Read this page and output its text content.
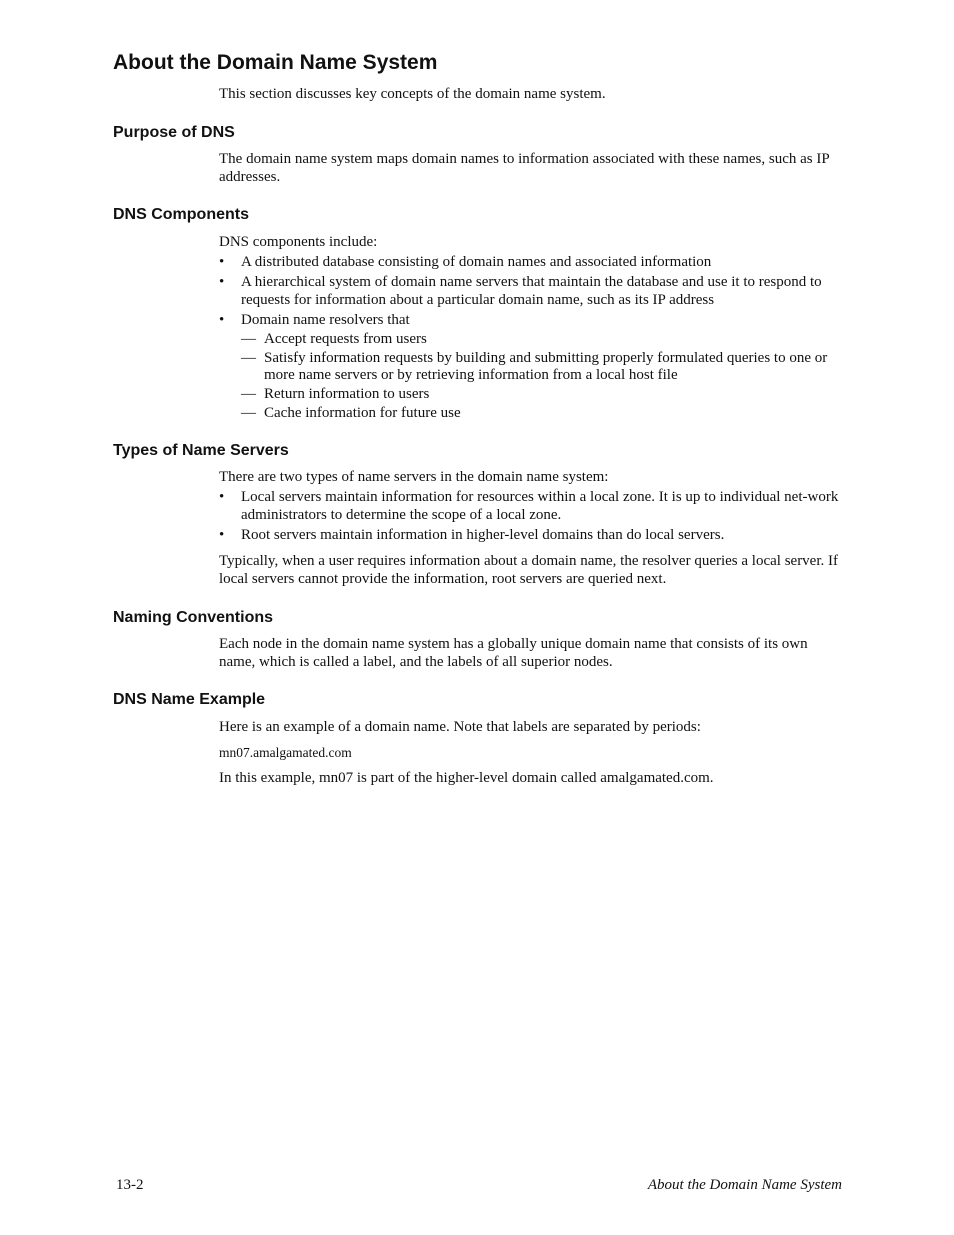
About the Domain Name System

This section discusses key concepts of the domain name system.

Purpose of DNS

The domain name system maps domain names to information associated with these names, such as IP addresses.

DNS Components
DNS components include:
• A distributed database consisting of domain names and associated information
• A hierarchical system of domain name servers that maintain the database and use it to respond to requests for information about a particular domain name, such as its IP address
• Domain name resolvers that
— Accept requests from users
— Satisfy information requests by building and submitting properly formulated queries to one or more name servers or by retrieving information from a local host file
— Return information to users
— Cache information for future use
Types of Name Servers
There are two types of name servers in the domain name system:
• Local servers maintain information for resources within a local zone. It is up to individual net-work administrators to determine the scope of a local zone.
• Root servers maintain information in higher-level domains than do local servers.

Typically, when a user requires information about a domain name, the resolver queries a local server. If local servers cannot provide the information, root servers are queried next.

Naming Conventions

Each node in the domain name system has a globally unique domain name that consists of its own name, which is called a label, and the labels of all superior nodes.

DNS Name Example

Here is an example of a domain name. Note that labels are separated by periods:

mn07.amalgamated.com

In this example, mn07 is part of the higher-level domain called amalgamated.com.

13-2	About the Domain Name System
